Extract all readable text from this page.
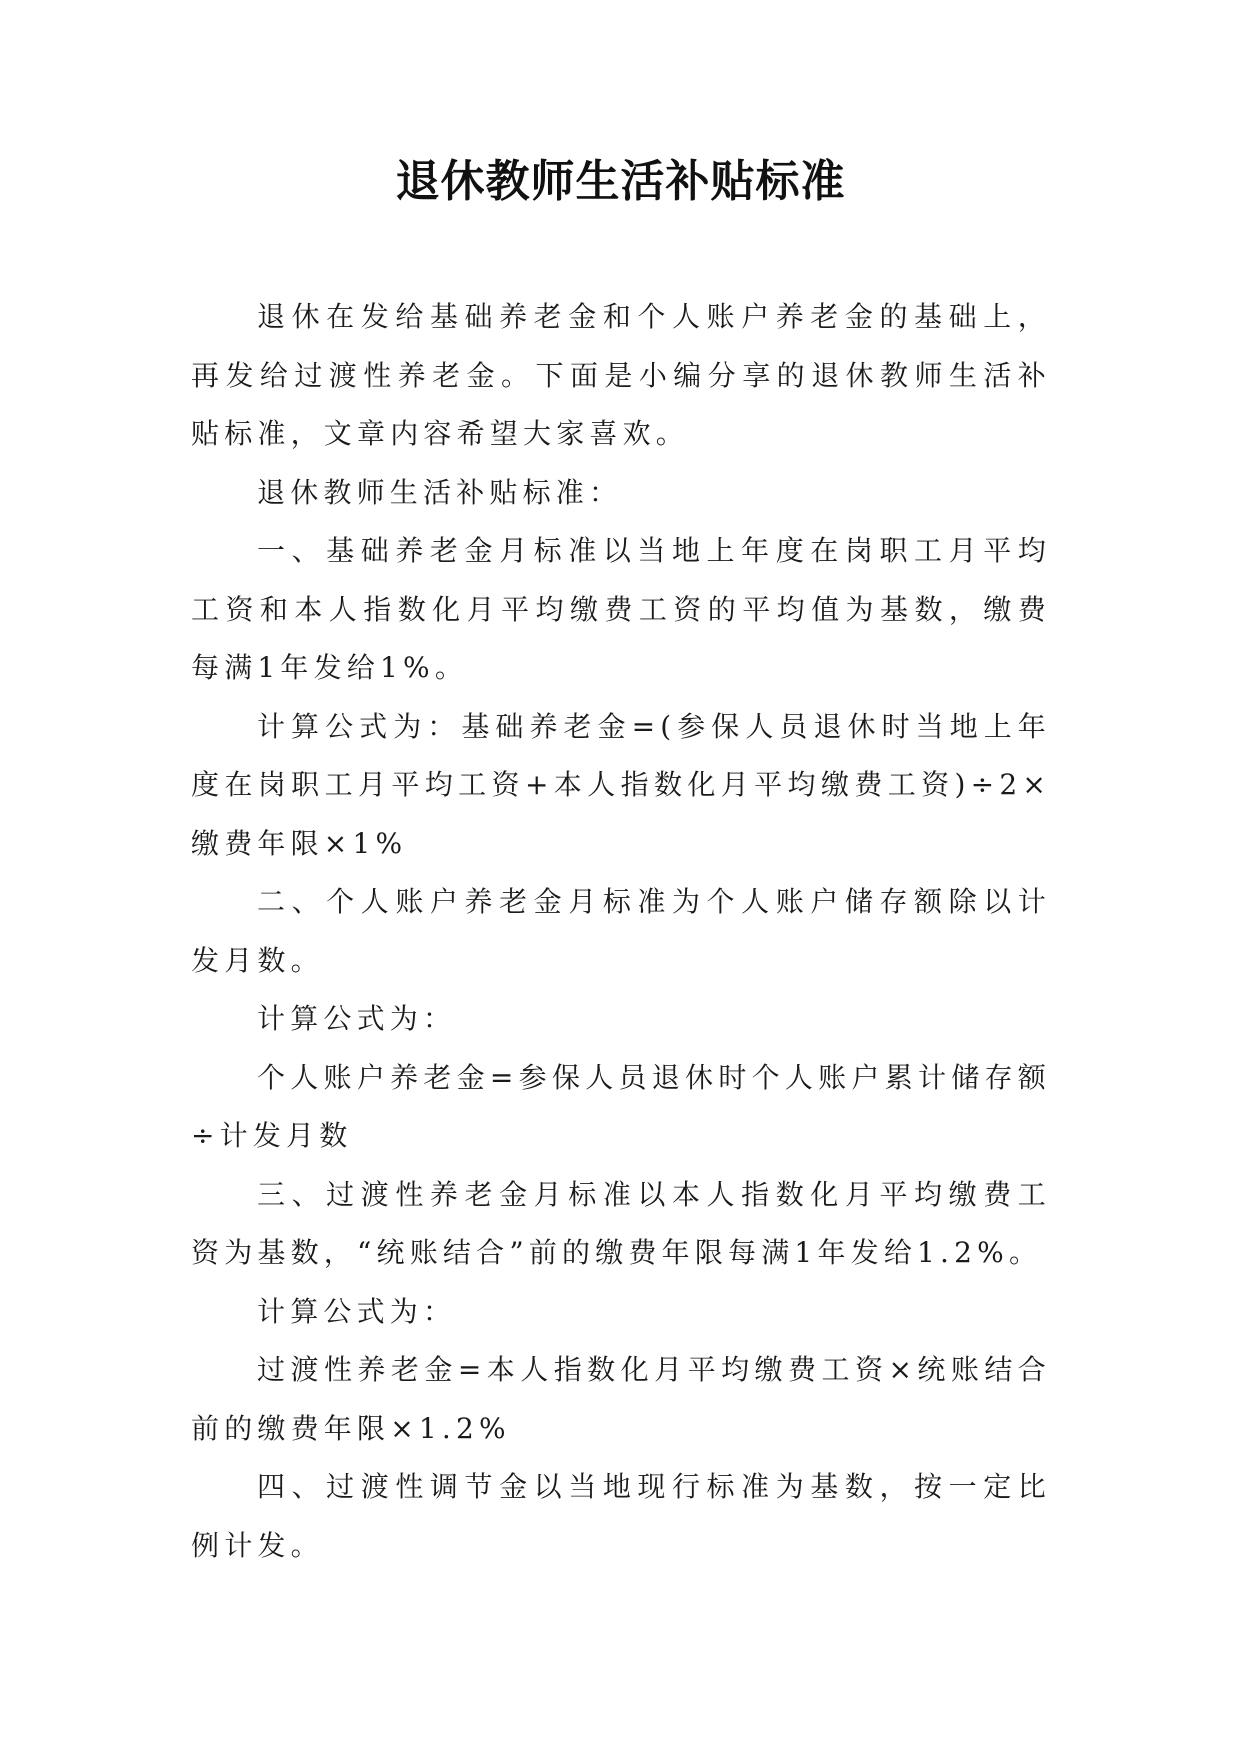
退休教师生活补贴标准

退休在发给基础养老金和个人账户养老金的基础上，再发给过渡性养老金。下面是小编分享的退休教师生活补贴标准，文章内容希望大家喜欢。

退休教师生活补贴标准：

一、基础养老金月标准以当地上年度在岗职工月平均工资和本人指数化月平均缴费工资的平均值为基数，缴费每满1年发给1%。

计算公式为：基础养老金=(参保人员退休时当地上年度在岗职工月平均工资+本人指数化月平均缴费工资)÷2×缴费年限×1%

二、个人账户养老金月标准为个人账户储存额除以计发月数。

计算公式为：

个人账户养老金=参保人员退休时个人账户累计储存额÷计发月数

三、过渡性养老金月标准以本人指数化月平均缴费工资为基数，“统账结合”前的缴费年限每满1年发给1.2%。

计算公式为：

过渡性养老金=本人指数化月平均缴费工资×统账结合前的缴费年限×1.2%

四、过渡性调节金以当地现行标准为基数，按一定比例计发。
